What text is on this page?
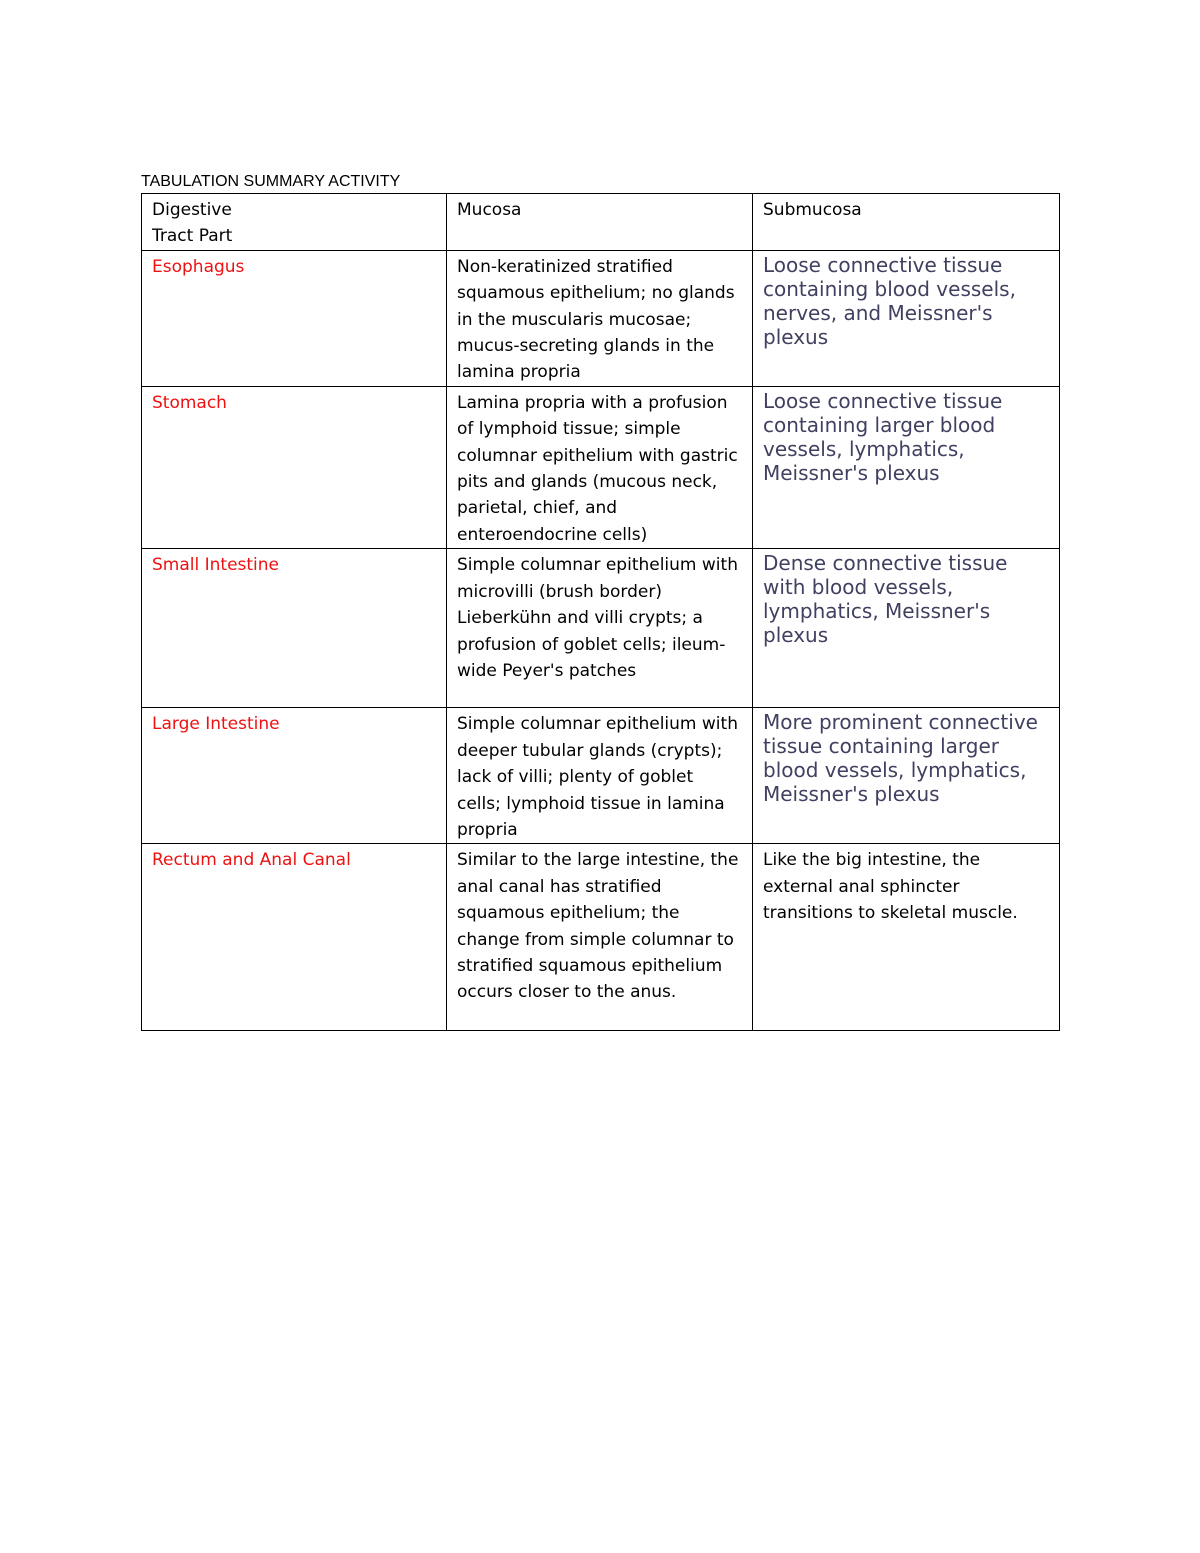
TABULATION SUMMARY ACTIVITY
Digestive
Tract Part	Mucosa	Submucosa
Esophagus	Non-keratinized stratified squamous epithelium; no glands in the muscularis mucosae; mucus-secreting glands in the lamina propria	Loose connective tissue containing blood vessels, nerves, and Meissner's plexus
Stomach	Lamina propria with a profusion of lymphoid tissue; simple columnar epithelium with gastric pits and glands (mucous neck, parietal, chief, and enteroendocrine cells)	Loose connective tissue containing larger blood vessels, lymphatics, Meissner's plexus
Small Intestine	Simple columnar epithelium with microvilli (brush border) Lieberkühn and villi crypts; a profusion of goblet cells; ileum-wide Peyer's patches	Dense connective tissue with blood vessels, lymphatics, Meissner's plexus
Large Intestine	Simple columnar epithelium with deeper tubular glands (crypts); lack of villi; plenty of goblet cells; lymphoid tissue in lamina propria	More prominent connective tissue containing larger blood vessels, lymphatics, Meissner's plexus
Rectum and Anal Canal	Similar to the large intestine, the anal canal has stratified squamous epithelium; the change from simple columnar to stratified squamous epithelium occurs closer to the anus.	Like the big intestine, the external anal sphincter transitions to skeletal muscle.
